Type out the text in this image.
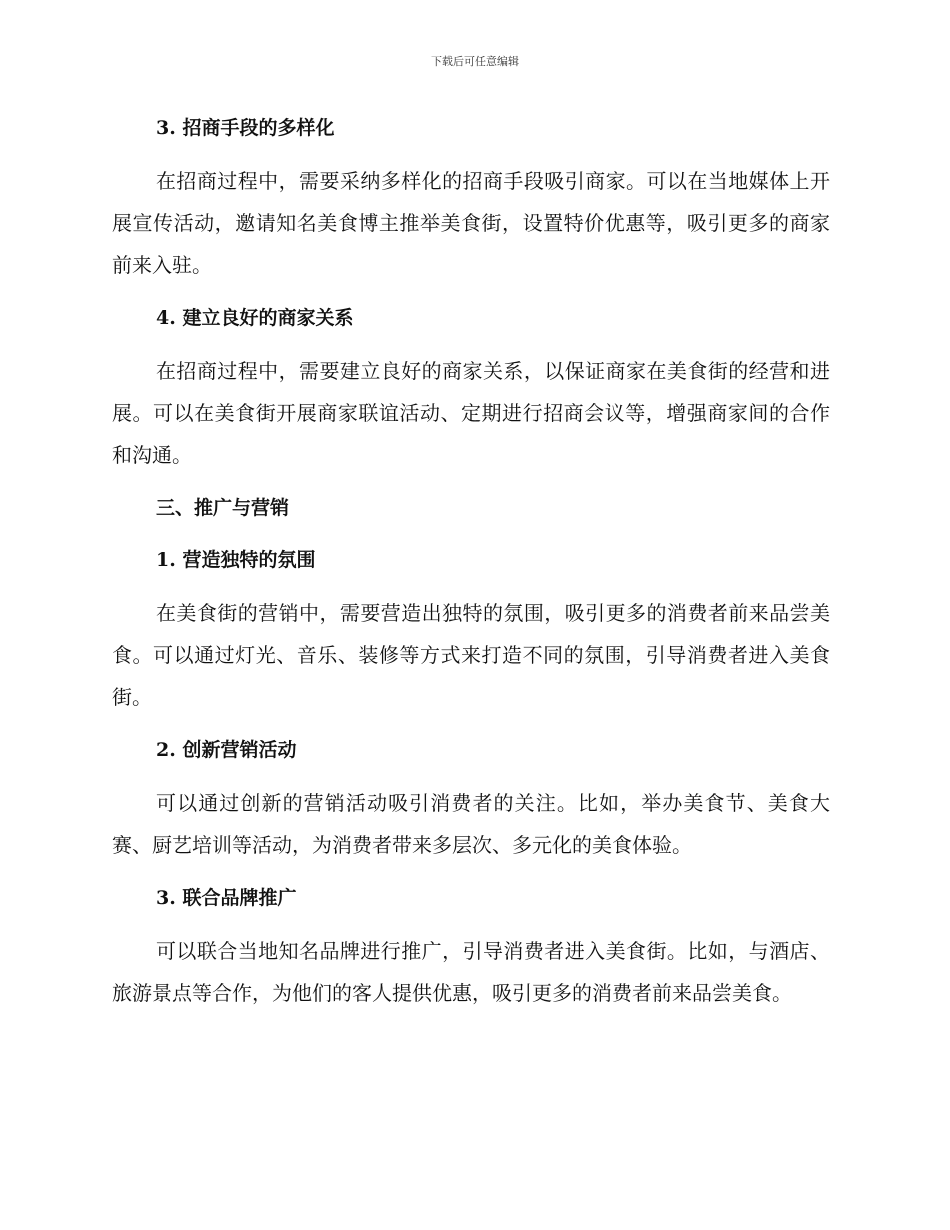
下载后可任意编辑
3. 招商手段的多样化

在招商过程中，需要采纳多样化的招商手段吸引商家。可以在当地媒体上开展宣传活动，邀请知名美食博主推举美食街，设置特价优惠等，吸引更多的商家前来入驻。

4. 建立良好的商家关系

在招商过程中，需要建立良好的商家关系，以保证商家在美食街的经营和进展。可以在美食街开展商家联谊活动、定期进行招商会议等，增强商家间的合作和沟通。

三、推广与营销
1. 营造独特的氛围

在美食街的营销中，需要营造出独特的氛围，吸引更多的消费者前来品尝美食。可以通过灯光、音乐、装修等方式来打造不同的氛围，引导消费者进入美食街。

2. 创新营销活动

可以通过创新的营销活动吸引消费者的关注。比如，举办美食节、美食大赛、厨艺培训等活动，为消费者带来多层次、多元化的美食体验。

3. 联合品牌推广

可以联合当地知名品牌进行推广，引导消费者进入美食街。比如，与酒店、旅游景点等合作，为他们的客人提供优惠，吸引更多的消费者前来品尝美食。
